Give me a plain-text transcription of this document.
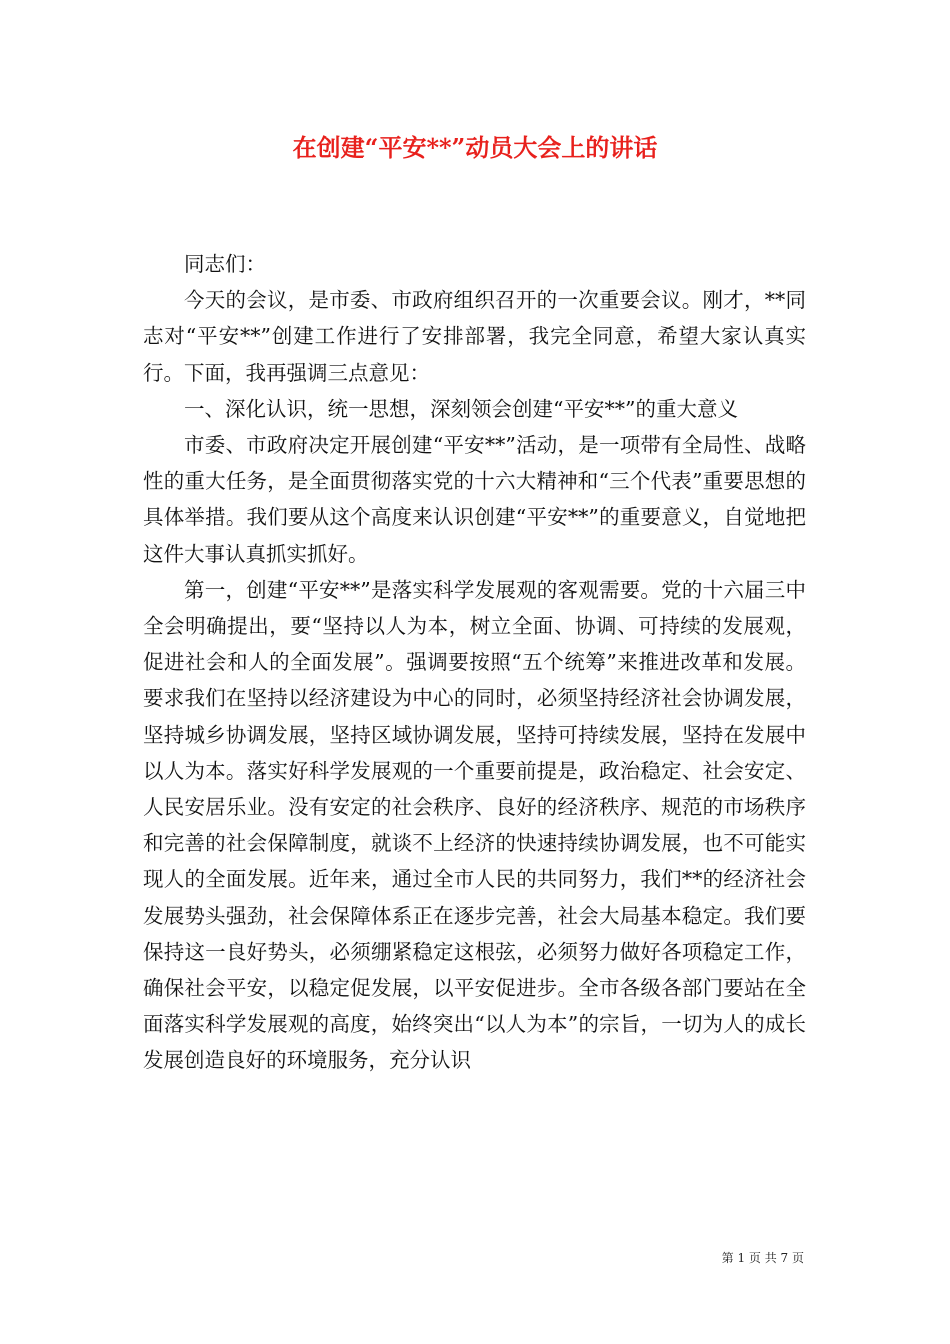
在创建“平安**”动员大会上的讲话

同志们：

今天的会议，是市委、市政府组织召开的一次重要会议。刚才，**同志对“平安**”创建工作进行了安排部署，我完全同意，希望大家认真实行。下面，我再强调三点意见：

一、深化认识，统一思想，深刻领会创建“平安**”的重大意义

市委、市政府决定开展创建“平安**”活动，是一项带有全局性、战略性的重大任务，是全面贯彻落实党的十六大精神和“三个代表”重要思想的具体举措。我们要从这个高度来认识创建“平安**”的重要意义，自觉地把这件大事认真抓实抓好。

第一，创建“平安**”是落实科学发展观的客观需要。党的十六届三中全会明确提出，要“坚持以人为本，树立全面、协调、可持续的发展观，促进社会和人的全面发展”。强调要按照“五个统筹”来推进改革和发展。要求我们在坚持以经济建设为中心的同时，必须坚持经济社会协调发展，坚持城乡协调发展，坚持区域协调发展，坚持可持续发展，坚持在发展中以人为本。落实好科学发展观的一个重要前提是，政治稳定、社会安定、人民安居乐业。没有安定的社会秩序、良好的经济秩序、规范的市场秩序和完善的社会保障制度，就谈不上经济的快速持续协调发展，也不可能实现人的全面发展。近年来，通过全市人民的共同努力，我们**的经济社会发展势头强劲，社会保障体系正在逐步完善，社会大局基本稳定。我们要保持这一良好势头，必须绷紧稳定这根弦，必须努力做好各项稳定工作，确保社会平安，以稳定促发展，以平安促进步。全市各级各部门要站在全面落实科学发展观的高度，始终突出“以人为本”的宗旨，一切为人的成长发展创造良好的环境服务，充分认识

第 1 页 共 7 页
